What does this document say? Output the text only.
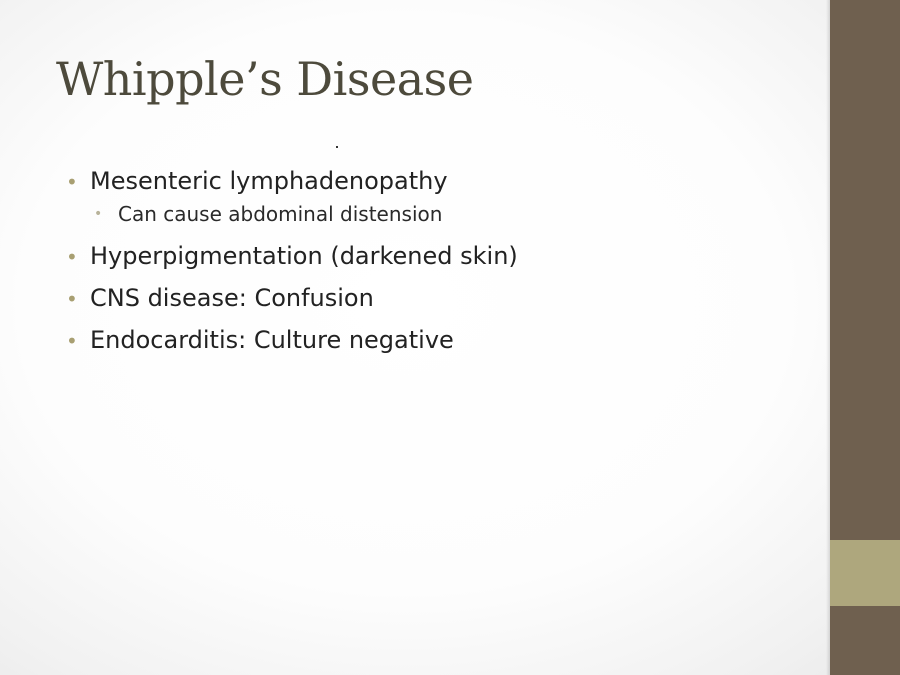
Whipple’s Disease
• Mesenteric lymphadenopathy
• Can cause abdominal distension
• Hyperpigmentation (darkened skin)
• CNS disease: Confusion
• Endocarditis: Culture negative
